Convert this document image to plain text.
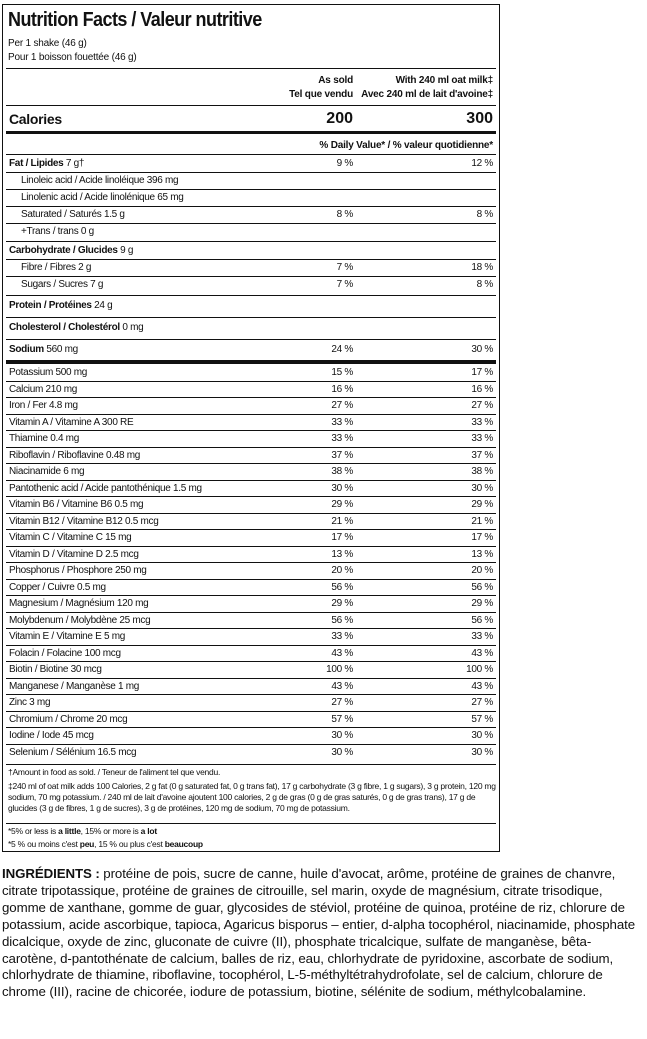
Nutrition Facts / Valeur nutritive
Per 1 shake (46 g)
Pour 1 boisson fouettée (46 g)
As sold
Tel que vendu
With 240 ml oat milk‡
Avec 240 ml de lait d'avoine‡
Calories	200	300
% Daily Value* / % valeur quotidienne*
Fat / Lipides 7 g†	9 %	12 %
Linoleic acid / Acide linoléique 396 mg
Linolenic acid / Acide linolénique 65 mg
Saturated / Saturés 1.5 g	8 %	8 %
+Trans / trans 0 g
Carbohydrate / Glucides 9 g
Fibre / Fibres 2 g	7 %	18 %
Sugars / Sucres 7 g	7 %	8 %
Protein / Protéines 24 g
Cholesterol / Cholestérol 0 mg
Sodium 560 mg	24 %	30 %
Potassium 500 mg	15 %	17 %
Calcium 210 mg	16 %	16 %
Iron / Fer 4.8 mg	27 %	27 %
Vitamin A / Vitamine A 300 RE	33 %	33 %
Thiamine 0.4 mg	33 %	33 %
Riboflavin / Riboflavine 0.48 mg	37 %	37 %
Niacinamide 6 mg	38 %	38 %
Pantothenic acid / Acide pantothénique 1.5 mg	30 %	30 %
Vitamin B6 / Vitamine B6 0.5 mg	29 %	29 %
Vitamin B12 / Vitamine B12 0.5 mcg	21 %	21 %
Vitamin C / Vitamine C 15 mg	17 %	17 %
Vitamin D / Vitamine D 2.5 mcg	13 %	13 %
Phosphorus / Phosphore 250 mg	20 %	20 %
Copper / Cuivre 0.5 mg	56 %	56 %
Magnesium / Magnésium 120 mg	29 %	29 %
Molybdenum / Molybdène 25 mcg	56 %	56 %
Vitamin E / Vitamine E 5 mg	33 %	33 %
Folacin / Folacine 100 mcg	43 %	43 %
Biotin / Biotine 30 mcg	100 %	100 %
Manganese / Manganèse 1 mg	43 %	43 %
Zinc 3 mg	27 %	27 %
Chromium / Chrome 20 mcg	57 %	57 %
Iodine / Iode 45 mcg	30 %	30 %
Selenium / Sélénium 16.5 mcg	30 %	30 %
†Amount in food as sold. / Teneur de l'aliment tel que vendu.
‡240 ml of oat milk adds 100 Calories, 2 g fat (0 g saturated fat, 0 g trans fat), 17 g carbohydrate (3 g fibre, 1 g sugars), 3 g protein, 120 mg sodium, 70 mg potassium. / 240 ml de lait d'avoine ajoutent 100 calories, 2 g de gras (0 g de gras saturés, 0 g de gras trans), 17 g de glucides (3 g de fibres, 1 g de sucres), 3 g de protéines, 120 mg de sodium, 70 mg de potassium.
*5% or less is a little, 15% or more is a lot
*5 % ou moins c'est peu, 15 % ou plus c'est beaucoup
INGRÉDIENTS : protéine de pois, sucre de canne, huile d'avocat, arôme, protéine de graines de chanvre, citrate tripotassique, protéine de graines de citrouille, sel marin, oxyde de magnésium, citrate trisodique, gomme de xanthane, gomme de guar, glycosides de stéviol, protéine de quinoa, protéine de riz, chlorure de potassium, acide ascorbique, tapioca, Agaricus bisporus – entier, d-alpha tocophérol, niacinamide, phosphate dicalcique, oxyde de zinc, gluconate de cuivre (II), phosphate tricalcique, sulfate de manganèse, bêta-carotène, d-pantothénate de calcium, balles de riz, eau, chlorhydrate de pyridoxine, ascorbate de sodium, chlorhydrate de thiamine, riboflavine, tocophérol, L-5-méthyltétrahydrofolate, sel de calcium, chlorure de chrome (III), racine de chicorée, iodure de potassium, biotine, sélénite de sodium, méthylcobalamine.
